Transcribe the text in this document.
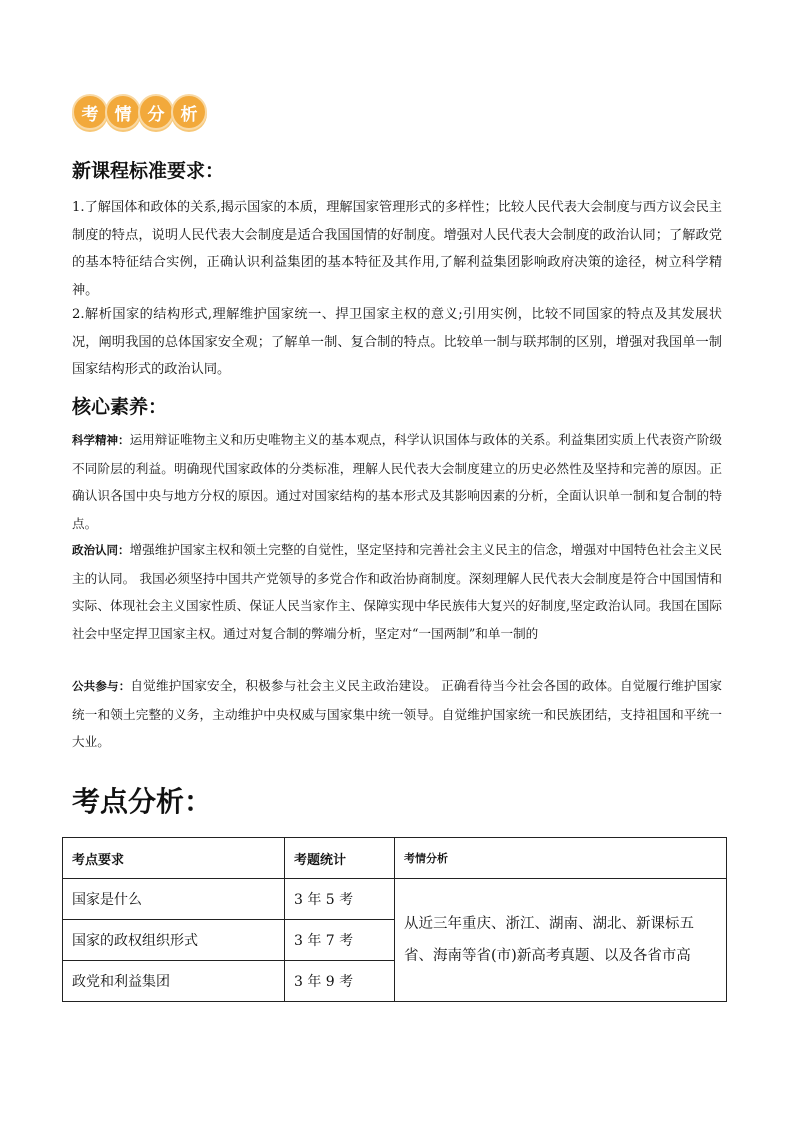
考 情 分 析
新课程标准要求：
1.了解国体和政体的关系,揭示国家的本质，理解国家管理形式的多样性；比较人民代表大会制度与西方议会民主制度的特点，说明人民代表大会制度是适合我国国情的好制度。增强对人民代表大会制度的政治认同；了解政党的基本特征结合实例，正确认识利益集团的基本特征及其作用,了解利益集团影响政府决策的途径，树立科学精神。
2.解析国家的结构形式,理解维护国家统一、捍卫国家主权的意义;引用实例，比较不同国家的特点及其发展状况，阐明我国的总体国家安全观；了解单一制、复合制的特点。比较单一制与联邦制的区别，增强对我国单一制国家结构形式的政治认同。
核心素养：
科学精神：运用辩证唯物主义和历史唯物主义的基本观点，科学认识国体与政体的关系。利益集团实质上代表资产阶级不同阶层的利益。明确现代国家政体的分类标准，理解人民代表大会制度建立的历史必然性及坚持和完善的原因。正确认识各国中央与地方分权的原因。通过对国家结构的基本形式及其影响因素的分析，全面认识单一制和复合制的特点。
政治认同：增强维护国家主权和领土完整的自觉性，坚定坚持和完善社会主义民主的信念，增强对中国特色社会主义民主的认同。 我国必须坚持中国共产党领导的多党合作和政治协商制度。深刻理解人民代表大会制度是符合中国国情和实际、体现社会主义国家性质、保证人民当家作主、保障实现中华民族伟大复兴的好制度,坚定政治认同。我国在国际社会中坚定捍卫国家主权。通过对复合制的弊端分析，坚定对“一国两制”和单一制的
公共参与：自觉维护国家安全，积极参与社会主义民主政治建设。 正确看待当今社会各国的政体。自觉履行维护国家统一和领土完整的义务，主动维护中央权威与国家集中统一领导。自觉维护国家统一和民族团结，支持祖国和平统一大业。
考点分析：
考点要求	考题统计	考情分析
国家是什么	3 年 5 考	从近三年重庆、浙江、湖南、湖北、新课标五省、海南等省(市)新高考真题、以及各省市高
国家的政权组织形式	3 年 7 考	
政党和利益集团	3 年 9 考	
